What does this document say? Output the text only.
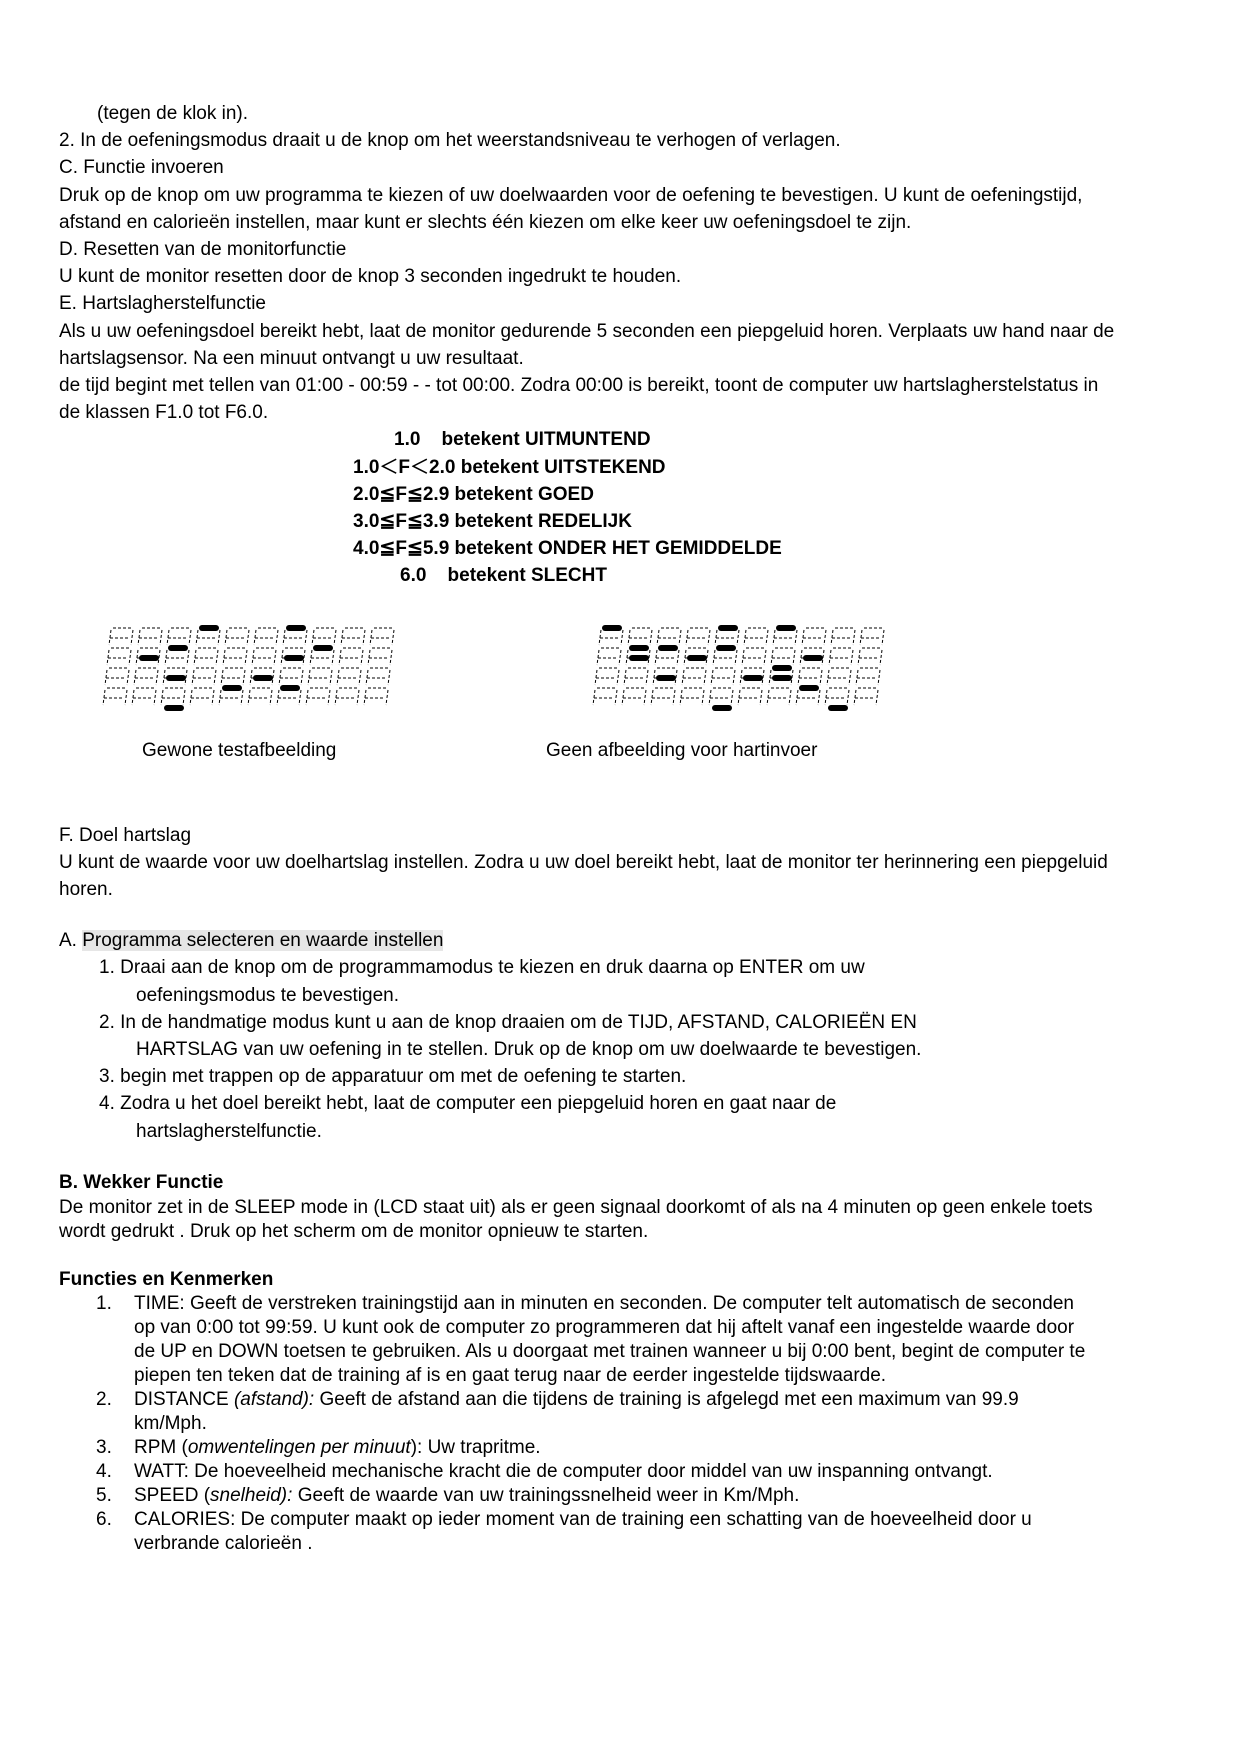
(tegen de klok in).
2. In de oefeningsmodus draait u de knop om het weerstandsniveau te verhogen of verlagen.
C. Functie invoeren
Druk op de knop om uw programma te kiezen of uw doelwaarden voor de oefening te bevestigen. U kunt de oefeningstijd, afstand en calorieën instellen, maar kunt er slechts één kiezen om elke keer uw oefeningsdoel te zijn.
D. Resetten van de monitorfunctie
U kunt de monitor resetten door de knop 3 seconden ingedrukt te houden.
E. Hartslagherstelfunctie
Als u uw oefeningsdoel bereikt hebt, laat de monitor gedurende 5 seconden een piepgeluid horen. Verplaats uw hand naar de hartslagsensor. Na een minuut ontvangt u uw resultaat.
de tijd begint met tellen van 01:00 - 00:59 - - tot 00:00. Zodra 00:00 is bereikt, toont de computer uw hartslagherstelstatus in de klassen F1.0 tot F6.0.
1.0    betekent UITMUNTEND
1.0＜F＜2.0 betekent UITSTEKEND
2.0≦F≦2.9 betekent GOED
3.0≦F≦3.9 betekent REDELIJK
4.0≦F≦5.9 betekent ONDER HET GEMIDDELDE
6.0    betekent SLECHT
Gewone testafbeelding	Geen afbeelding voor hartinvoer
F. Doel hartslag
U kunt de waarde voor uw doelhartslag instellen. Zodra u uw doel bereikt hebt, laat de monitor ter herinnering een piepgeluid horen.
A. Programma selecteren en waarde instellen
1. Draai aan de knop om de programmamodus te kiezen en druk daarna op ENTER om uw
oefeningsmodus te bevestigen.
2. In de handmatige modus kunt u aan de knop draaien om de TIJD, AFSTAND, CALORIEËN EN
HARTSLAG van uw oefening in te stellen. Druk op de knop om uw doelwaarde te bevestigen.
3. begin met trappen op de apparatuur om met de oefening te starten.
4. Zodra u het doel bereikt hebt, laat de computer een piepgeluid horen en gaat naar de
hartslagherstelfunctie.
B. Wekker Functie
De monitor zet in de SLEEP mode in (LCD staat uit) als er geen signaal doorkomt of als na 4 minuten op geen enkele toets wordt gedrukt . Druk op het scherm om de monitor opnieuw te starten.
Functies en Kenmerken
1. TIME: Geeft de verstreken trainingstijd aan in minuten en seconden. De computer telt automatisch de seconden op van 0:00 tot 99:59. U kunt ook de computer zo programmeren dat hij aftelt vanaf een ingestelde waarde door de UP en DOWN toetsen te gebruiken. Als u doorgaat met trainen wanneer u bij 0:00 bent, begint de computer te piepen ten teken dat de training af is en gaat terug naar de eerder ingestelde tijdswaarde.
2. DISTANCE (afstand): Geeft de afstand aan die tijdens de training is afgelegd met een maximum van 99.9 km/Mph.
3. RPM (omwentelingen per minuut): Uw trapritme.
4. WATT: De hoeveelheid mechanische kracht die de computer door middel van uw inspanning ontvangt.
5. SPEED (snelheid): Geeft de waarde van uw trainingssnelheid weer in Km/Mph.
6. CALORIES: De computer maakt op ieder moment van de training een schatting van de hoeveelheid door u verbrande calorieën .
